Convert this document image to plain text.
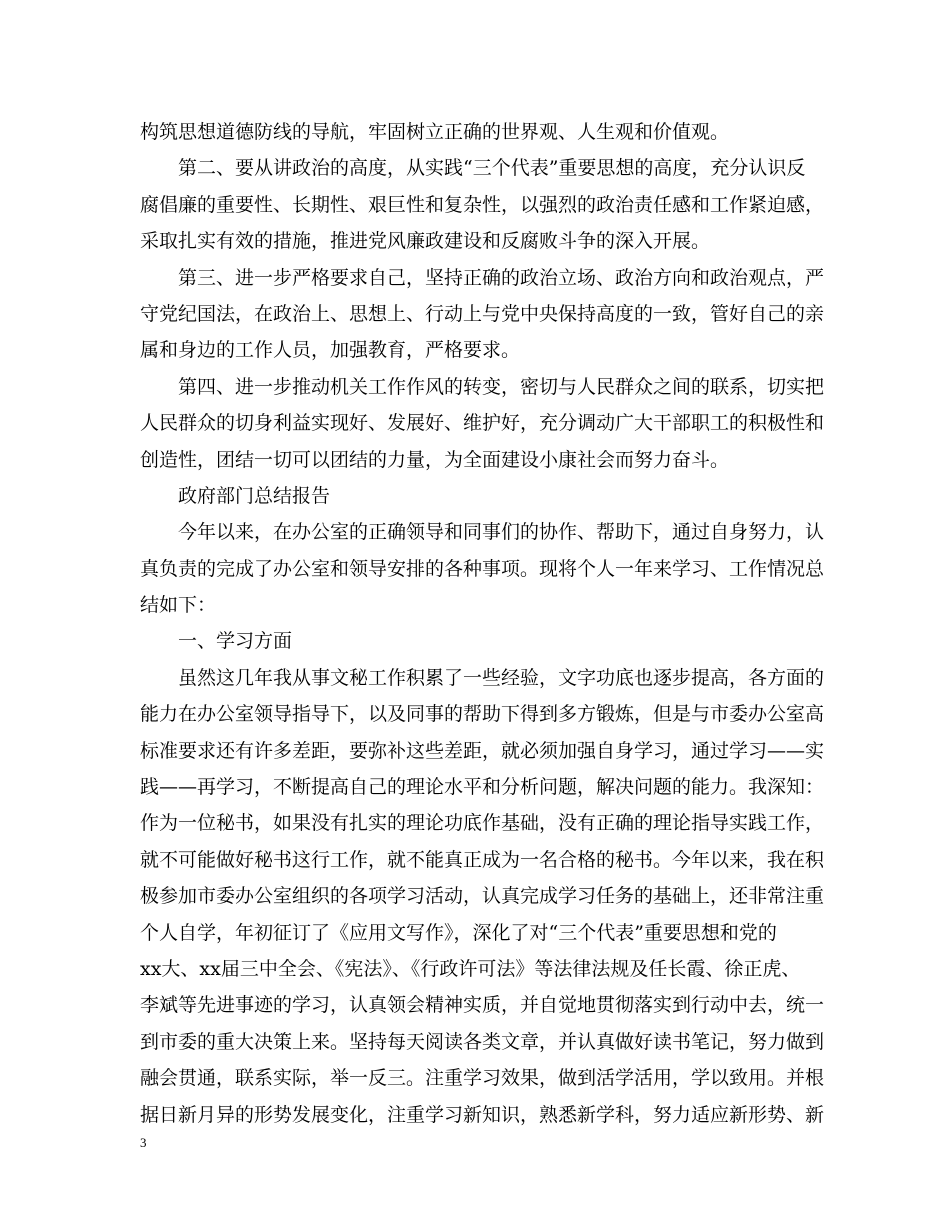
构筑思想道德防线的导航，牢固树立正确的世界观、人生观和价值观。
第二、要从讲政治的高度，从实践“三个代表”重要思想的高度，充分认识反
腐倡廉的重要性、长期性、艰巨性和复杂性，以强烈的政治责任感和工作紧迫感，
采取扎实有效的措施，推进党风廉政建设和反腐败斗争的深入开展。
第三、进一步严格要求自己，坚持正确的政治立场、政治方向和政治观点，严
守党纪国法，在政治上、思想上、行动上与党中央保持高度的一致，管好自己的亲
属和身边的工作人员，加强教育，严格要求。
第四、进一步推动机关工作作风的转变，密切与人民群众之间的联系，切实把
人民群众的切身利益实现好、发展好、维护好，充分调动广大干部职工的积极性和
创造性，团结一切可以团结的力量，为全面建设小康社会而努力奋斗。
政府部门总结报告
今年以来，在办公室的正确领导和同事们的协作、帮助下，通过自身努力，认
真负责的完成了办公室和领导安排的各种事项。现将个人一年来学习、工作情况总
结如下：
一、学习方面
虽然这几年我从事文秘工作积累了一些经验，文字功底也逐步提高，各方面的
能力在办公室领导指导下，以及同事的帮助下得到多方锻炼，但是与市委办公室高
标准要求还有许多差距，要弥补这些差距，就必须加强自身学习，通过学习——实
践——再学习，不断提高自己的理论水平和分析问题，解决问题的能力。我深知：
作为一位秘书，如果没有扎实的理论功底作基础，没有正确的理论指导实践工作，
就不可能做好秘书这行工作，就不能真正成为一名合格的秘书。今年以来，我在积
极参加市委办公室组织的各项学习活动，认真完成学习任务的基础上，还非常注重
个人自学，年初征订了《应用文写作》，深化了对“三个代表”重要思想和党的
xx大、xx届三中全会、《宪法》、《行政许可法》等法律法规及任长霞、徐正虎、
李斌等先进事迹的学习，认真领会精神实质，并自觉地贯彻落实到行动中去，统一
到市委的重大决策上来。坚持每天阅读各类文章，并认真做好读书笔记，努力做到
融会贯通，联系实际，举一反三。注重学习效果，做到活学活用，学以致用。并根
据日新月异的形势发展变化，注重学习新知识，熟悉新学科，努力适应新形势、新
3
